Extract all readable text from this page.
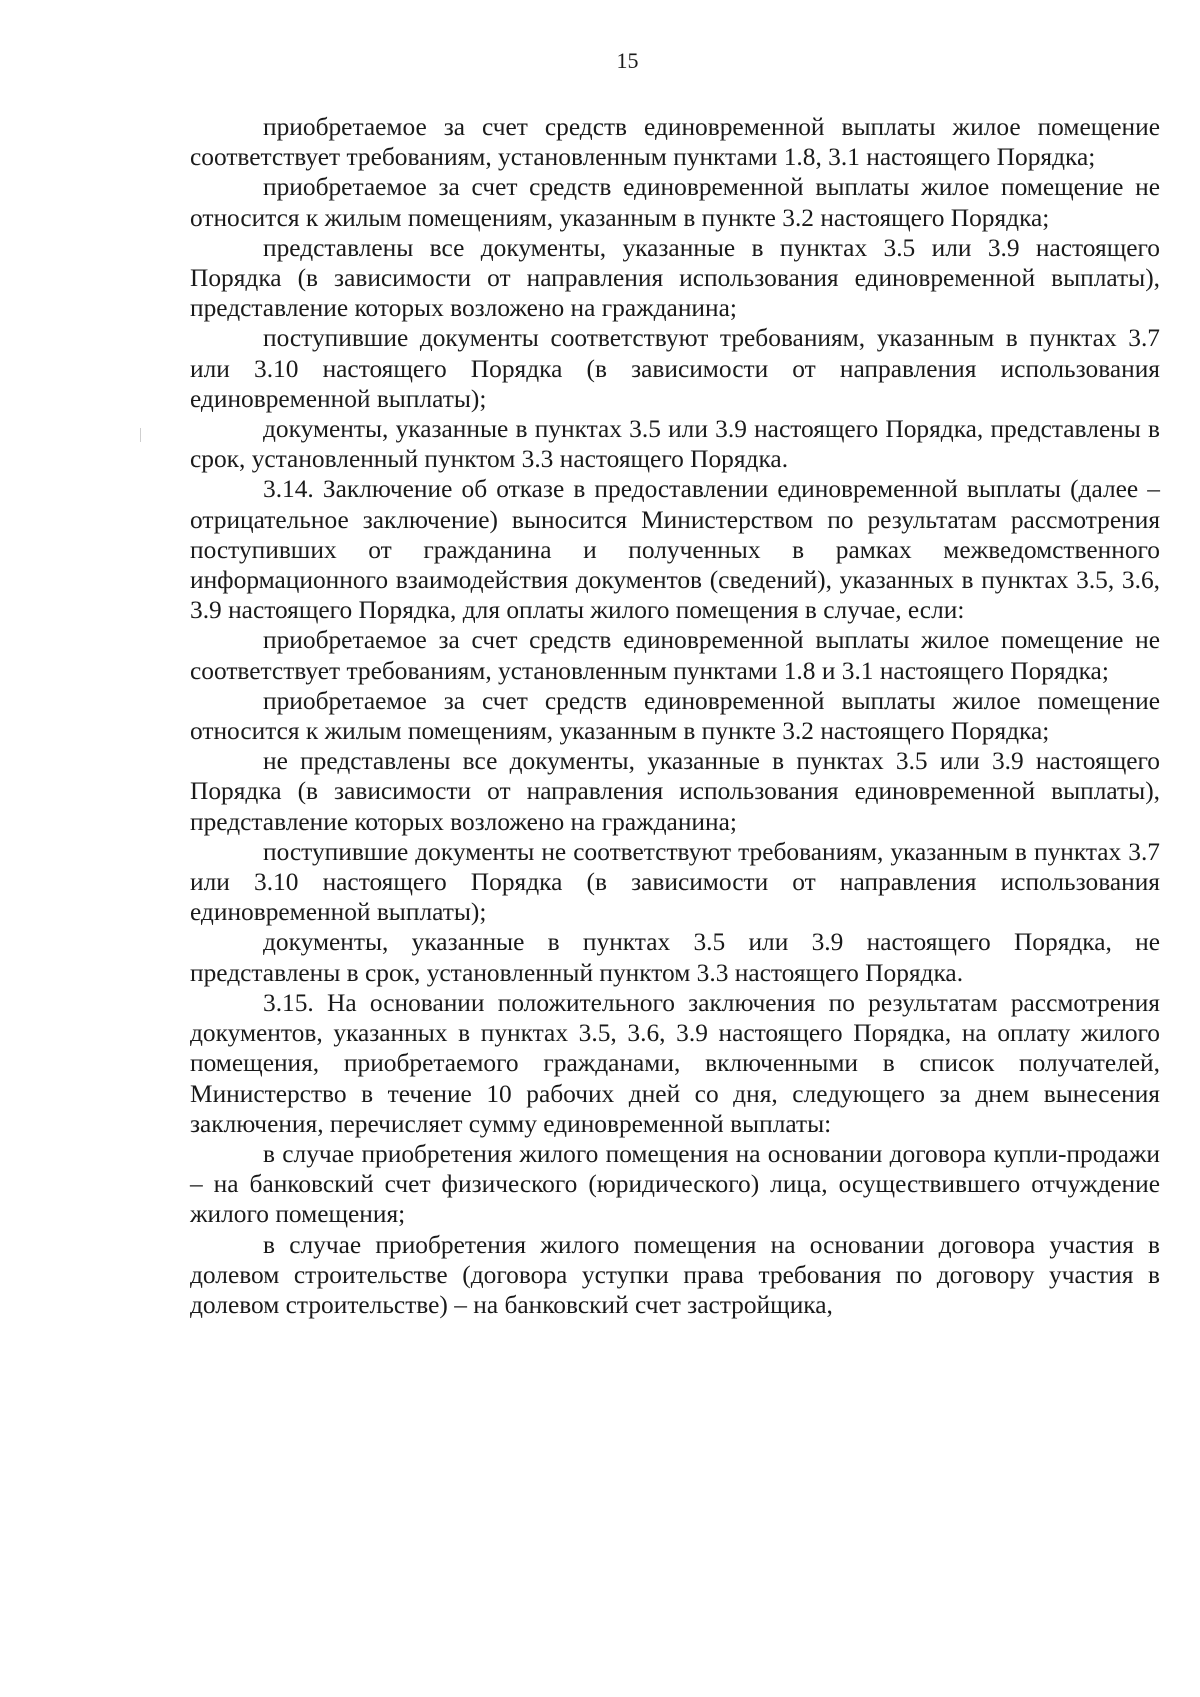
15

приобретаемое за счет средств единовременной выплаты жилое помещение соответствует требованиям, установленным пунктами 1.8, 3.1 настоящего Порядка;

приобретаемое за счет средств единовременной выплаты жилое помещение не относится к жилым помещениям, указанным в пункте 3.2 настоящего Порядка;

представлены все документы, указанные в пунктах 3.5 или 3.9 настоящего Порядка (в зависимости от направления использования единовременной выплаты), представление которых возложено на гражданина;

поступившие документы соответствуют требованиям, указанным в пунктах 3.7 или 3.10 настоящего Порядка (в зависимости от направления использования единовременной выплаты);

документы, указанные в пунктах 3.5 или 3.9 настоящего Порядка, представлены в срок, установленный пунктом 3.3 настоящего Порядка.

3.14. Заключение об отказе в предоставлении единовременной выплаты (далее – отрицательное заключение) выносится Министерством по результатам рассмотрения поступивших от гражданина и полученных в рамках межведомственного информационного взаимодействия документов (сведений), указанных в пунктах 3.5, 3.6, 3.9 настоящего Порядка, для оплаты жилого помещения в случае, если:

приобретаемое за счет средств единовременной выплаты жилое помещение не соответствует требованиям, установленным пунктами 1.8 и 3.1 настоящего Порядка;

приобретаемое за счет средств единовременной выплаты жилое помещение относится к жилым помещениям, указанным в пункте 3.2 настоящего Порядка;

не представлены все документы, указанные в пунктах 3.5 или 3.9 настоящего Порядка (в зависимости от направления использования единовременной выплаты), представление которых возложено на гражданина;

поступившие документы не соответствуют требованиям, указанным в пунктах 3.7 или 3.10 настоящего Порядка (в зависимости от направления использования единовременной выплаты);

документы, указанные в пунктах 3.5 или 3.9 настоящего Порядка, не представлены в срок, установленный пунктом 3.3 настоящего Порядка.

3.15. На основании положительного заключения по результатам рассмотрения документов, указанных в пунктах 3.5, 3.6, 3.9 настоящего Порядка, на оплату жилого помещения, приобретаемого гражданами, включенными в список получателей, Министерство в течение 10 рабочих дней со дня, следующего за днем вынесения заключения, перечисляет сумму единовременной выплаты:

в случае приобретения жилого помещения на основании договора купли-продажи – на банковский счет физического (юридического) лица, осуществившего отчуждение жилого помещения;

в случае приобретения жилого помещения на основании договора участия в долевом строительстве (договора уступки права требования по договору участия в долевом строительстве) – на банковский счет застройщика,
